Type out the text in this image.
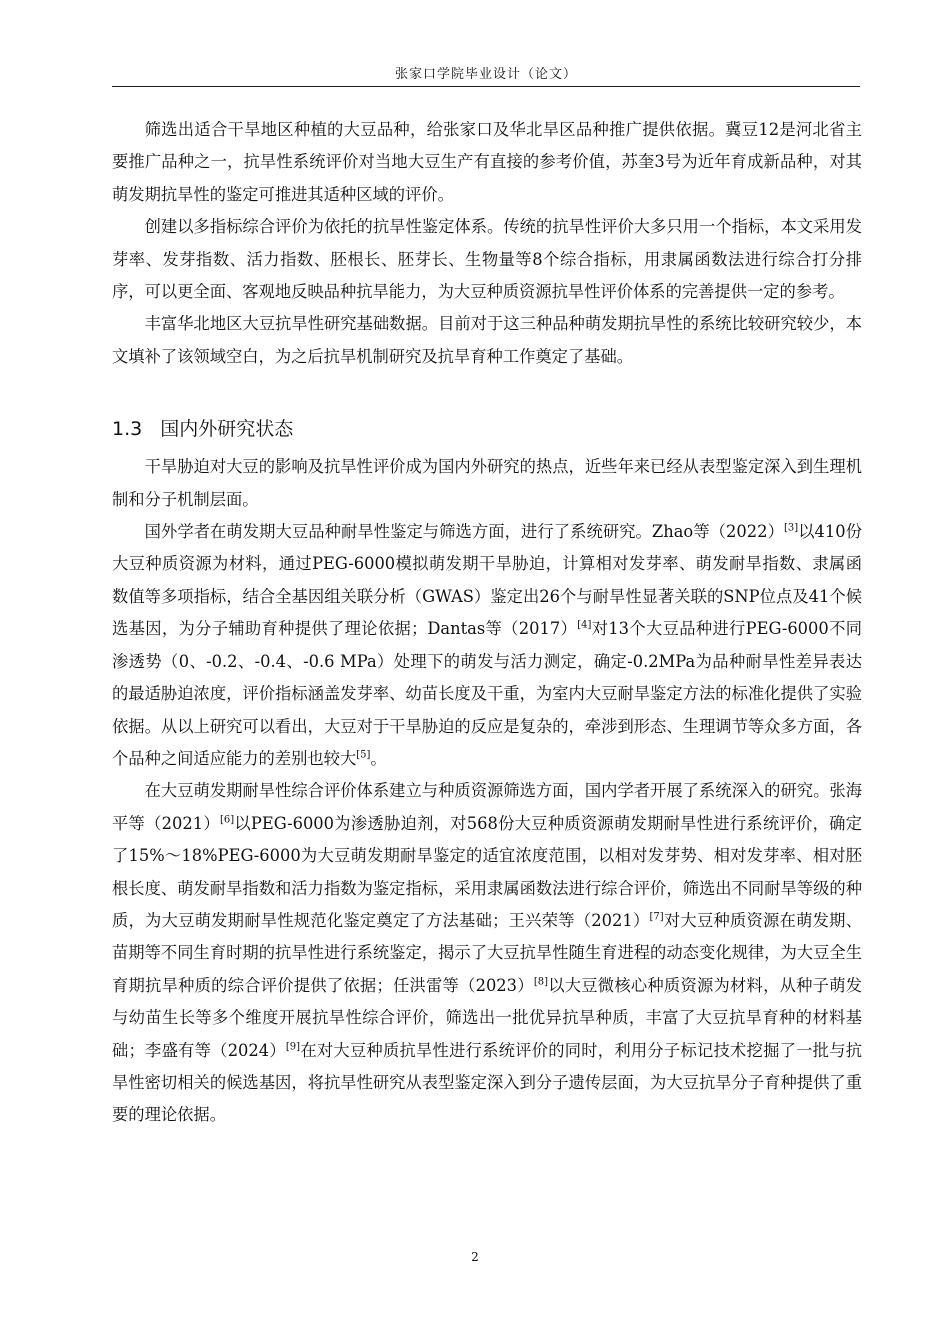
张家口学院毕业设计（论文）

筛选出适合干旱地区种植的大豆品种，给张家口及华北旱区品种推广提供依据。冀豆12是河北省主要推广品种之一，抗旱性系统评价对当地大豆生产有直接的参考价值，苏奎3号为近年育成新品种，对其萌发期抗旱性的鉴定可推进其适种区域的评价。

创建以多指标综合评价为依托的抗旱性鉴定体系。传统的抗旱性评价大多只用一个指标，本文采用发芽率、发芽指数、活力指数、胚根长、胚芽长、生物量等8个综合指标，用隶属函数法进行综合打分排序，可以更全面、客观地反映品种抗旱能力，为大豆种质资源抗旱性评价体系的完善提供一定的参考。

丰富华北地区大豆抗旱性研究基础数据。目前对于这三种品种萌发期抗旱性的系统比较研究较少，本文填补了该领域空白，为之后抗旱机制研究及抗旱育种工作奠定了基础。

1.3 国内外研究状态

干旱胁迫对大豆的影响及抗旱性评价成为国内外研究的热点，近些年来已经从表型鉴定深入到生理机制和分子机制层面。

国外学者在萌发期大豆品种耐旱性鉴定与筛选方面，进行了系统研究。Zhao等（2022）[3]以410份大豆种质资源为材料，通过PEG-6000模拟萌发期干旱胁迫，计算相对发芽率、萌发耐旱指数、隶属函数值等多项指标，结合全基因组关联分析（GWAS）鉴定出26个与耐旱性显著关联的SNP位点及41个候选基因，为分子辅助育种提供了理论依据；Dantas等（2017）[4]对13个大豆品种进行PEG-6000不同渗透势（0、-0.2、-0.4、-0.6 MPa）处理下的萌发与活力测定，确定-0.2MPa为品种耐旱性差异表达的最适胁迫浓度，评价指标涵盖发芽率、幼苗长度及干重，为室内大豆耐旱鉴定方法的标准化提供了实验依据。从以上研究可以看出，大豆对于干旱胁迫的反应是复杂的，牵涉到形态、生理调节等众多方面，各个品种之间适应能力的差别也较大[5]。

在大豆萌发期耐旱性综合评价体系建立与种质资源筛选方面，国内学者开展了系统深入的研究。张海平等（2021）[6]以PEG-6000为渗透胁迫剂，对568份大豆种质资源萌发期耐旱性进行系统评价，确定了15%～18%PEG-6000为大豆萌发期耐旱鉴定的适宜浓度范围，以相对发芽势、相对发芽率、相对胚根长度、萌发耐旱指数和活力指数为鉴定指标，采用隶属函数法进行综合评价，筛选出不同耐旱等级的种质，为大豆萌发期耐旱性规范化鉴定奠定了方法基础；王兴荣等（2021）[7]对大豆种质资源在萌发期、苗期等不同生育时期的抗旱性进行系统鉴定，揭示了大豆抗旱性随生育进程的动态变化规律，为大豆全生育期抗旱种质的综合评价提供了依据；任洪雷等（2023）[8]以大豆微核心种质资源为材料，从种子萌发与幼苗生长等多个维度开展抗旱性综合评价，筛选出一批优异抗旱种质，丰富了大豆抗旱育种的材料基础；李盛有等（2024）[9]在对大豆种质抗旱性进行系统评价的同时，利用分子标记技术挖掘了一批与抗旱性密切相关的候选基因，将抗旱性研究从表型鉴定深入到分子遗传层面，为大豆抗旱分子育种提供了重要的理论依据。

2
